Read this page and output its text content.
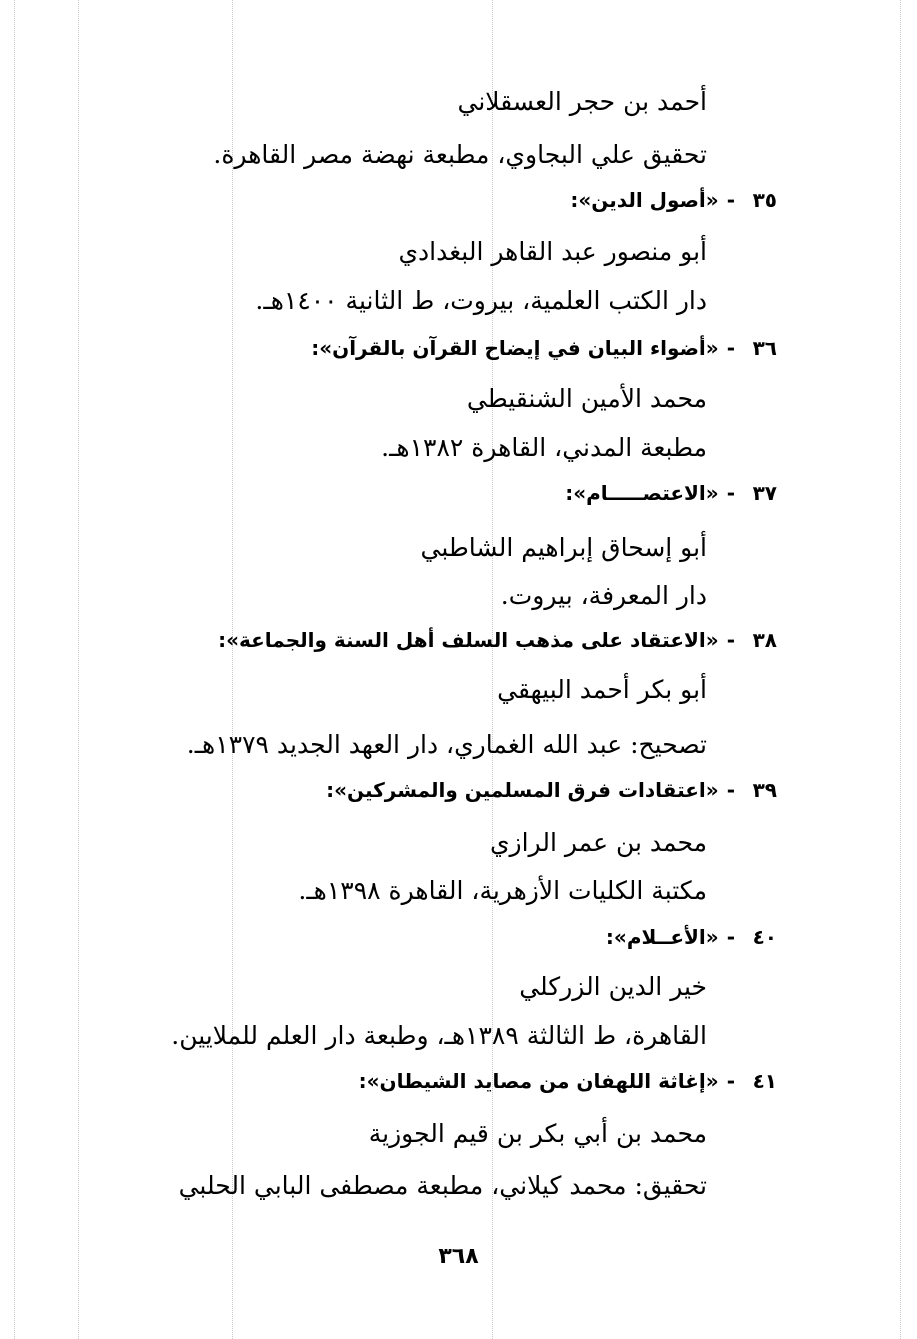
أحمد بن حجر العسقلاني
تحقيق علي البجاوي، مطبعة نهضة مصر القاهرة.
٣٥-«أصول الدين»:
أبو منصور عبد القاهر البغدادي
دار الكتب العلمية، بيروت، ط الثانية ١٤٠٠هـ.
٣٦-«أضواء البيان في إيضاح القرآن بالقرآن»:
محمد الأمين الشنقيطي
مطبعة المدني، القاهرة ١٣٨٢هـ.
٣٧-«الاعتصـــــام»:
أبو إسحاق إبراهيم الشاطبي
دار المعرفة، بيروت.
٣٨-«الاعتقاد على مذهب السلف أهل السنة والجماعة»:
أبو بكر أحمد البيهقي
تصحيح: عبد الله الغماري، دار العهد الجديد ١٣٧٩هـ.
٣٩-«اعتقادات فرق المسلمين والمشركين»:
محمد بن عمر الرازي
مكتبة الكليات الأزهرية، القاهرة ١٣٩٨هـ.
٤٠-«الأعــلام»:
خير الدين الزركلي
القاهرة، ط الثالثة ١٣٨٩هـ، وطبعة دار العلم للملايين.
٤١-«إغاثة اللهفان من مصايد الشيطان»:
محمد بن أبي بكر بن قيم الجوزية
تحقيق: محمد كيلاني، مطبعة مصطفى البابي الحلبي
٣٦٨
